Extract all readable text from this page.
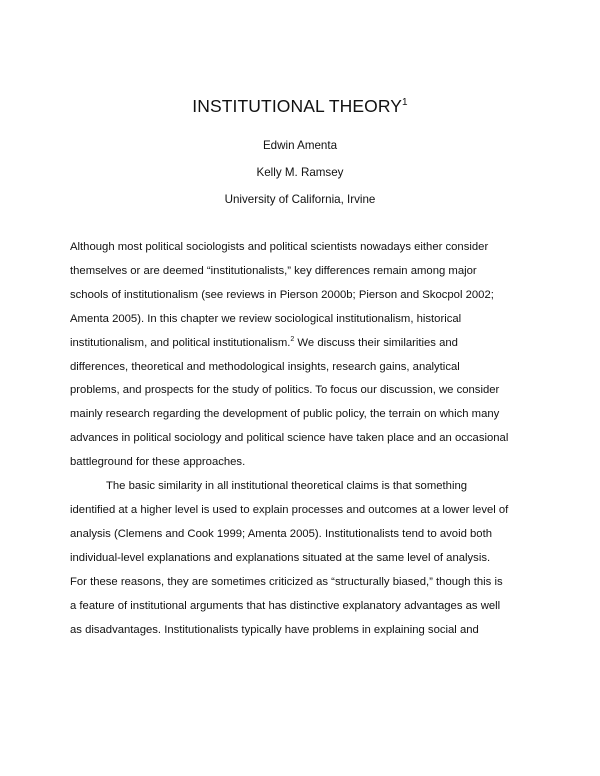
INSTITUTIONAL THEORY$^1$
Edwin Amenta
Kelly M. Ramsey
University of California, Irvine
Although most political sociologists and political scientists nowadays either consider
themselves or are deemed “institutionalists,” key differences remain among major
schools of institutionalism (see reviews in Pierson 2000b; Pierson and Skocpol 2002;
Amenta 2005). In this chapter we review sociological institutionalism, historical
institutionalism, and political institutionalism.$^2$ We discuss their similarities and
differences, theoretical and methodological insights, research gains, analytical
problems, and prospects for the study of politics. To focus our discussion, we consider
mainly research regarding the development of public policy, the terrain on which many
advances in political sociology and political science have taken place and an occasional
battleground for these approaches.
The basic similarity in all institutional theoretical claims is that something
identified at a higher level is used to explain processes and outcomes at a lower level of
analysis (Clemens and Cook 1999; Amenta 2005). Institutionalists tend to avoid both
individual-level explanations and explanations situated at the same level of analysis.
For these reasons, they are sometimes criticized as “structurally biased,” though this is
a feature of institutional arguments that has distinctive explanatory advantages as well
as disadvantages. Institutionalists typically have problems in explaining social and
